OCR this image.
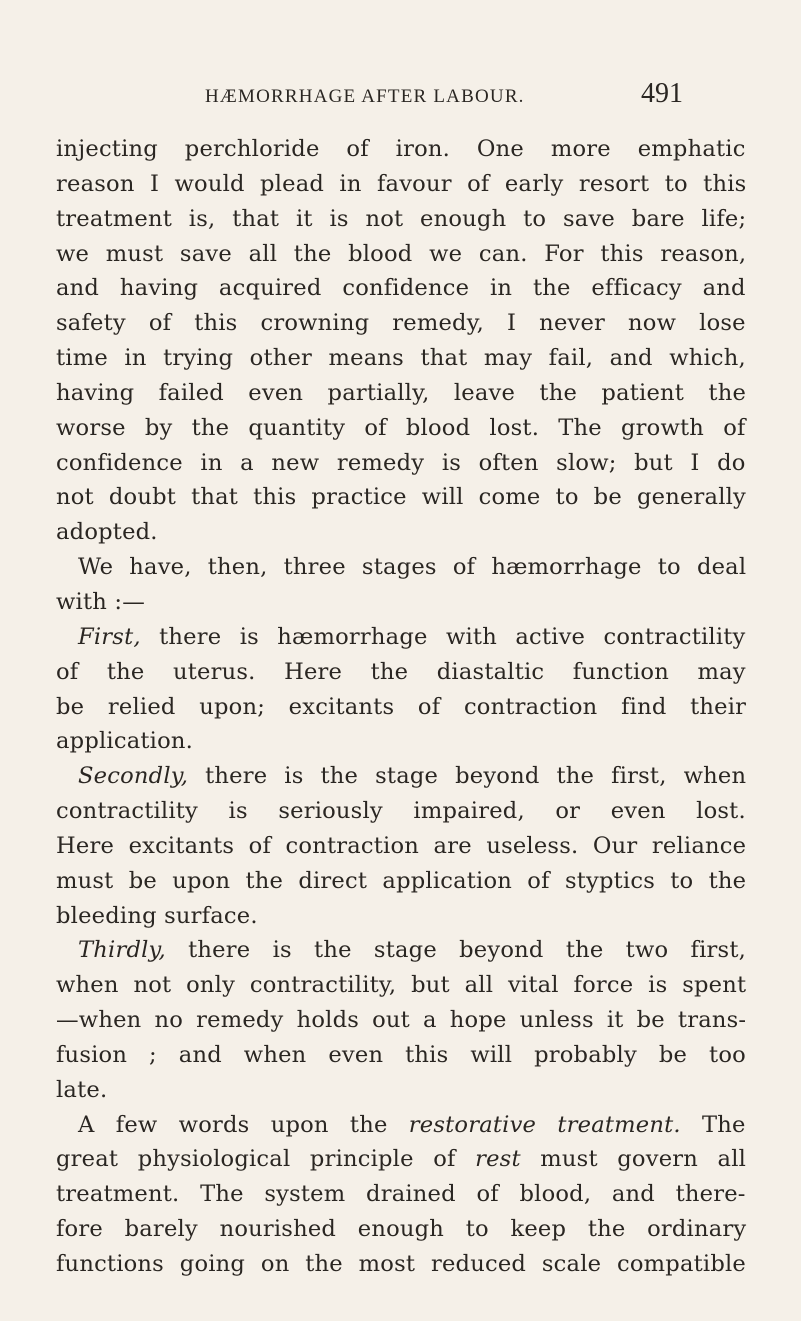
HÆMORRHAGE AFTER LABOUR.	491
injecting perchloride of iron. One more emphatic
reason I would plead in favour of early resort to this
treatment is, that it is not enough to save bare life;
we must save all the blood we can. For this reason,
and having acquired confidence in the efficacy and
safety of this crowning remedy, I never now lose
time in trying other means that may fail, and which,
having failed even partially, leave the patient the
worse by the quantity of blood lost. The growth of
confidence in a new remedy is often slow; but I do
not doubt that this practice will come to be generally
adopted.
We have, then, three stages of hæmorrhage to deal
with :—
First, there is hæmorrhage with active contractility
of the uterus. Here the diastaltic function may
be relied upon; excitants of contraction find their
application.
Secondly, there is the stage beyond the first, when
contractility is seriously impaired, or even lost.
Here excitants of contraction are useless. Our reliance
must be upon the direct application of styptics to the
bleeding surface.
Thirdly, there is the stage beyond the two first,
when not only contractility, but all vital force is spent
—when no remedy holds out a hope unless it be trans-
fusion ; and when even this will probably be too
late.
A few words upon the restorative treatment. The
great physiological principle of rest must govern all
treatment. The system drained of blood, and there-
fore barely nourished enough to keep the ordinary
functions going on the most reduced scale compatible
